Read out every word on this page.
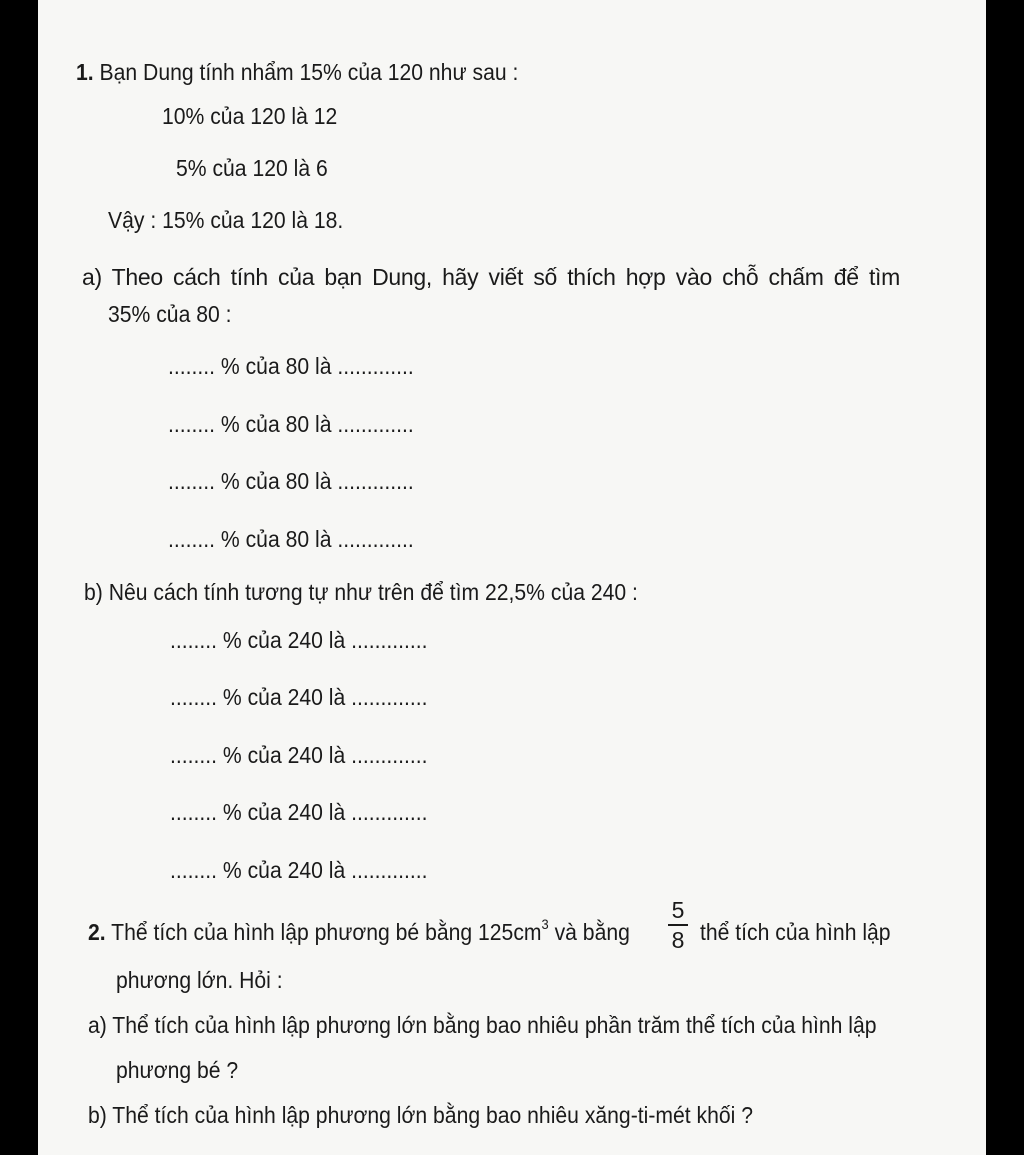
1. Bạn Dung tính nhẩm 15% của 120 như sau :
10% của 120 là 12
5% của 120 là 6
Vậy : 15% của 120 là 18.
a) Theo cách tính của bạn Dung, hãy viết số thích hợp vào chỗ chấm để tìm
35% của 80 :
........ % của 80 là .............
........ % của 80 là .............
........ % của 80 là .............
........ % của 80 là .............
b) Nêu cách tính tương tự như trên để tìm 22,5% của 240 :
........ % của 240 là .............
........ % của 240 là .............
........ % của 240 là .............
........ % của 240 là .............
........ % của 240 là .............
2. Thể tích của hình lập phương bé bằng $125cm^3$ và bằng
5
8 thể tích của hình lập
phương lớn. Hỏi :
a) Thể tích của hình lập phương lớn bằng bao nhiêu phần trăm thể tích của hình lập
phương bé ?
b) Thể tích của hình lập phương lớn bằng bao nhiêu xăng-ti-mét khối ?
